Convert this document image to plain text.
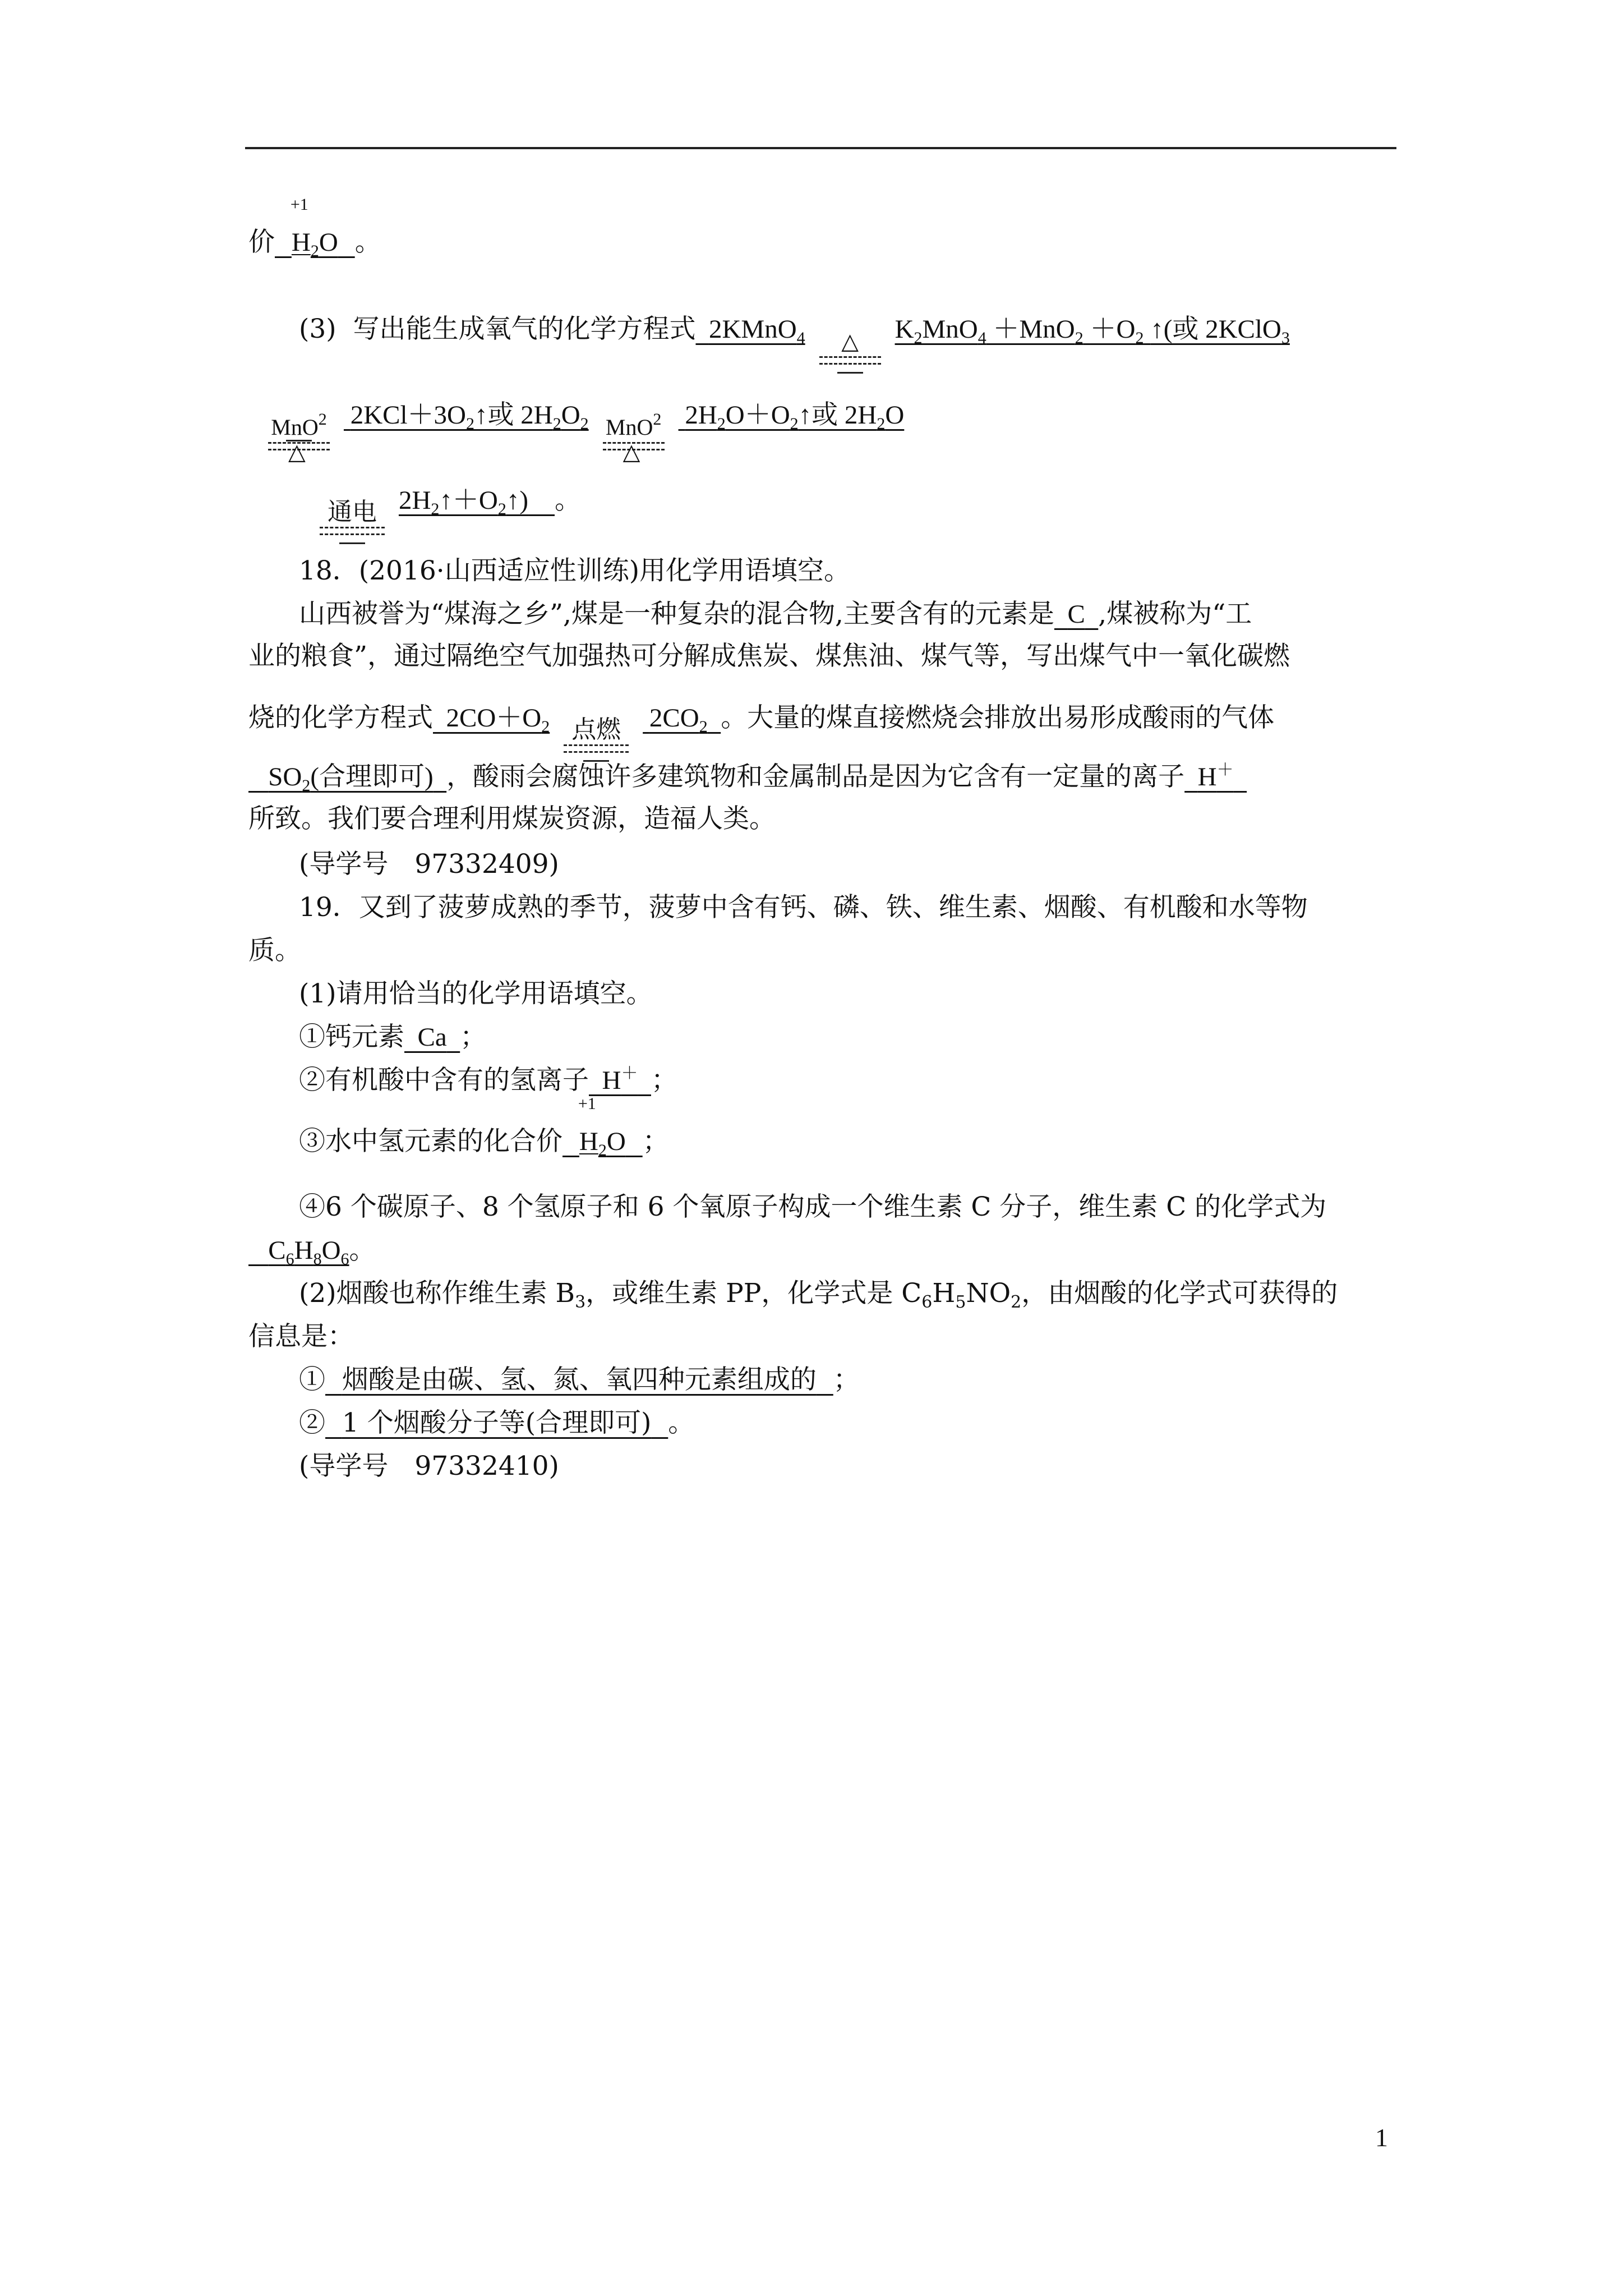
价
+1
$H_2O$ 。
(3) 写出能生成氧气的化学方程式 2KMnO$_4$	△	$K_2MnO_4 +MnO_2 +O_2$ ↑(或 2KClO$_3$
MnO$^2$
△
$2KCl+3O_2↑$或 $2H_2O_2$ MnO$^2$
△
$2H_2O+O_2↑$或 $2H_2O$
通电 $2H_2↑+O_2↑$) 。
18．(2016·山西适应性训练)用化学用语填空。
山西被誉为“煤海之乡”,煤是一种复杂的混合物,主要含有的元素是 C ,煤被称为“工
业的粮食”，通过隔绝空气加强热可分解成焦炭、煤焦油、煤气等，写出煤气中一氧化碳燃
烧的化学方程式 $2CO+O_2$ 点燃 $2CO_2$ 。大量的煤直接燃烧会排放出易形成酸雨的气体
$SO_2$(合理即可) ，酸雨会腐蚀许多建筑物和金属制品是因为它含有一定量的离子 H＋
所致。我们要合理利用煤炭资源，造福人类。
(导学号　97332409)
19．又到了菠萝成熟的季节，菠萝中含有钙、磷、铁、维生素、烟酸、有机酸和水等物
质。
(1)请用恰当的化学用语填空。
①钙元素 Ca ；
②有机酸中含有的氢离子 H＋ ；
③水中氢元素的化合价
+1
$H_2O$ ；
④6 个碳原子、8 个氢原子和 6 个氧原子构成一个维生素 C 分子，维生素 C 的化学式为
$C_6H_8O_6$。
(2)烟酸也称作维生素 $B_3$，或维生素 PP，化学式是 $C_6H_5NO_2$，由烟酸的化学式可获得的
信息是：
① 烟酸是由碳、氢、氮、氧四种元素组成的 ；
② 1 个烟酸分子等(合理即可) 。
(导学号　97332410)
1
